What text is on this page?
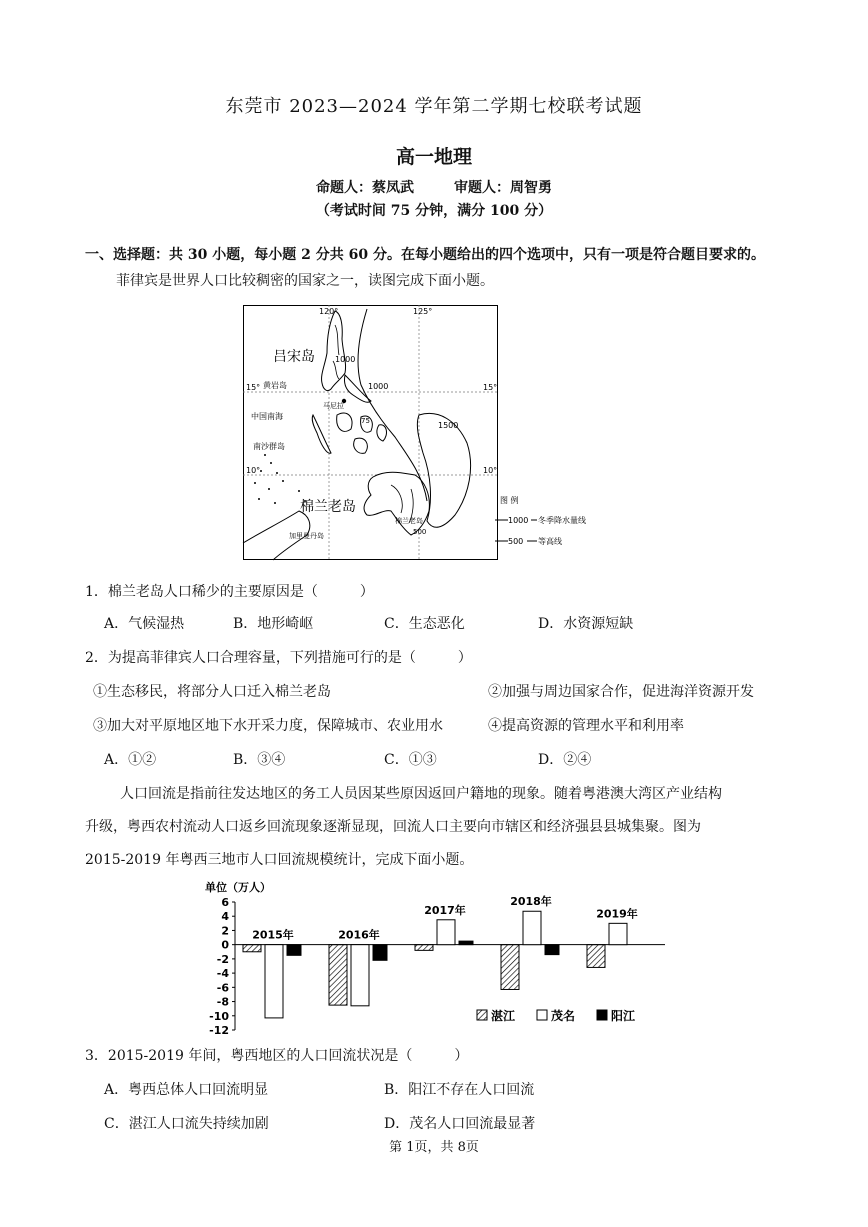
东莞市 2023—2024 学年第二学期七校联考试题
高一地理
命题人：蔡凤武	审题人：周智勇
（考试时间 75 分钟，满分 100 分）
一、选择题：共 30 小题，每小题 2 分共 60 分。在每小题给出的四个选项中，只有一项是符合题目要求的。
菲律宾是世界人口比较稠密的国家之一，读图完成下面小题。
吕宋岛
棉兰老岛
黄岩岛
中国南海
南沙群岛
马尼拉
棉兰老岛
加里曼丹岛
120°	125°
15°	15°
10°	10°
1000
1000
1500
500
75
图 例
1000 冬季降水量线
500 等高线
1．棉兰老岛人口稀少的主要原因是（　　　）
A．气候湿热	B．地形崎岖	C．生态恶化	D．水资源短缺
2．为提高菲律宾人口合理容量，下列措施可行的是（　　　）
①生态移民，将部分人口迁入棉兰老岛	②加强与周边国家合作，促进海洋资源开发
③加大对平原地区地下水开采力度，保障城市、农业用水	④提高资源的管理水平和利用率
A．①②	B．③④	C．①③	D．②④
人口回流是指前往发达地区的务工人员因某些原因返回户籍地的现象。随着粤港澳大湾区产业结构
升级，粤西农村流动人口返乡回流现象逐渐显现，回流人口主要向市辖区和经济强县县城集聚。图为
2015-2019 年粤西三地市人口回流规模统计，完成下面小题。
单位（万人）
6
4
2
0
-2
-4
-6
-8
-10
-12
2015年	2016年
2017年
2018年
2019年
湛江	茂名	阳江
3．2015-2019 年间，粤西地区的人口回流状况是（　　　）
A．粤西总体人口回流明显	B．阳江不存在人口回流
C．湛江人口流失持续加剧	D．茂名人口回流最显著
第 1页，共 8页
